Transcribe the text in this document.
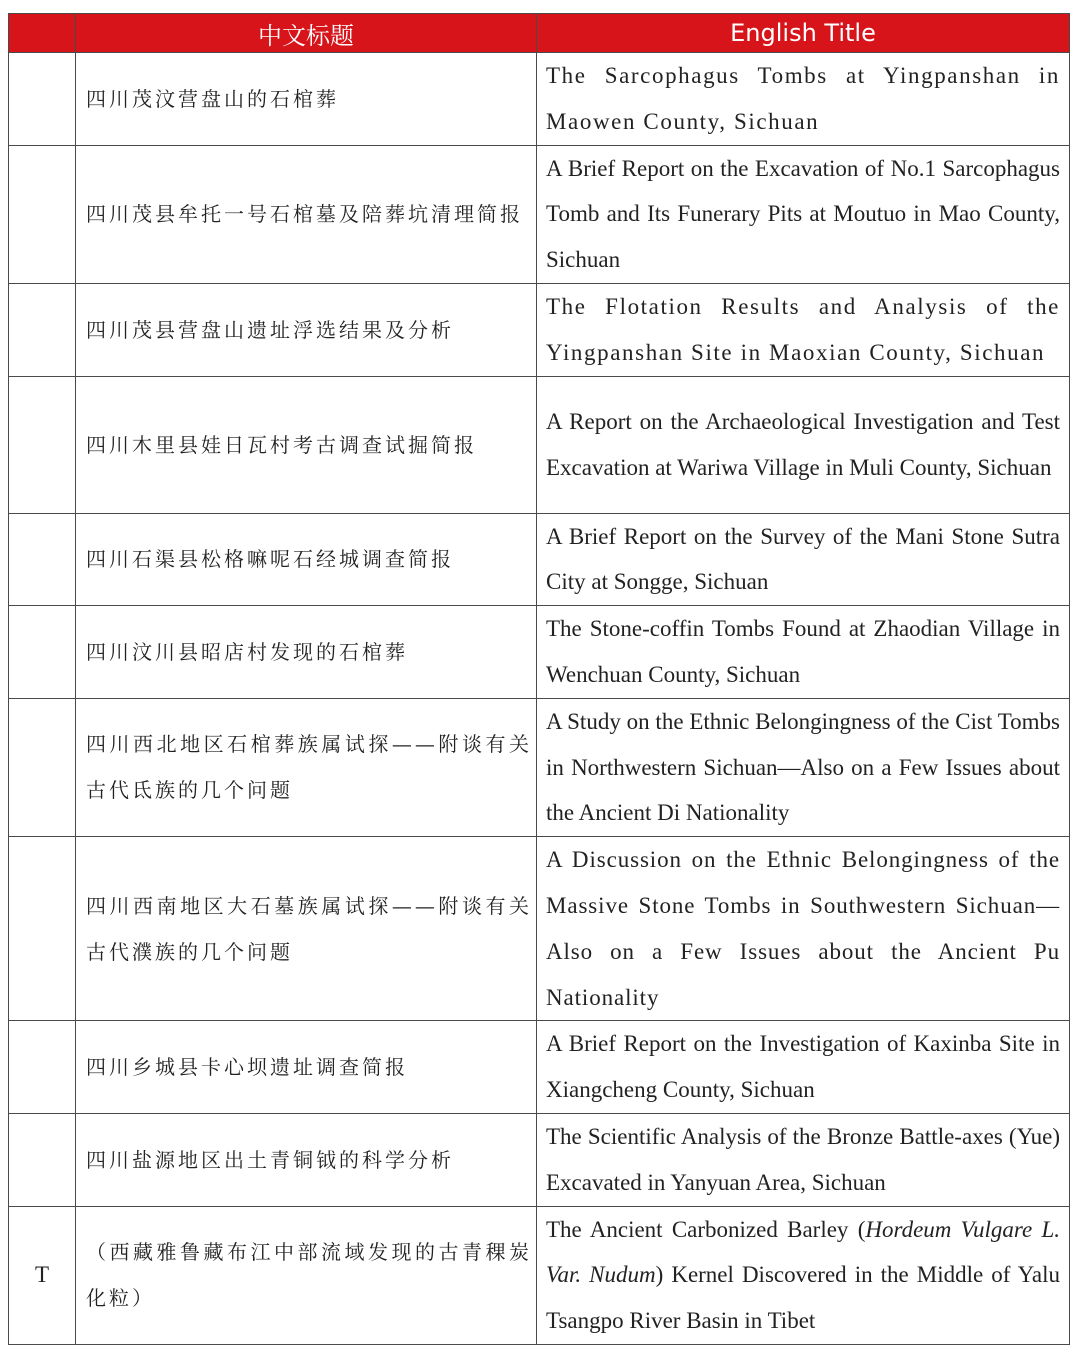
	中文标题	English Title
	四川茂汶营盘山的石棺葬	The Sarcophagus Tombs at Yingpanshan in Maowen County, Sichuan
	四川茂县牟托一号石棺墓及陪葬坑清理简报	A Brief Report on the Excavation of No.1 Sarcophagus Tomb and Its Funerary Pits at Moutuo in Mao County, Sichuan
	四川茂县营盘山遗址浮选结果及分析	The Flotation Results and Analysis of the Yingpanshan Site in Maoxian County, Sichuan
	四川木里县娃日瓦村考古调查试掘简报	A Report on the Archaeological Investigation and Test Excavation at Wariwa Village in Muli County, Sichuan
	四川石渠县松格嘛呢石经城调查简报	A Brief Report on the Survey of the Mani Stone Sutra City at Songge, Sichuan
	四川汶川县昭店村发现的石棺葬	The Stone-coffin Tombs Found at Zhaodian Village in Wenchuan County, Sichuan
	四川西北地区石棺葬族属试探——附谈有关古代氐族的几个问题	A Study on the Ethnic Belongingness of the Cist Tombs in Northwestern Sichuan—Also on a Few Issues about the Ancient Di Nationality
	四川西南地区大石墓族属试探——附谈有关古代濮族的几个问题	A Discussion on the Ethnic Belongingness of the Massive Stone Tombs in Southwestern Sichuan—Also on a Few Issues about the Ancient Pu Nationality
	四川乡城县卡心坝遗址调查简报	A Brief Report on the Investigation of Kaxinba Site in Xiangcheng County, Sichuan
	四川盐源地区出土青铜钺的科学分析	The Scientific Analysis of the Bronze Battle-axes (Yue) Excavated in Yanyuan Area, Sichuan
T	（西藏雅鲁藏布江中部流域发现的古青稞炭化粒）	The Ancient Carbonized Barley (Hordeum Vulgare L. Var. Nudum) Kernel Discovered in the Middle of Yalu Tsangpo River Basin in Tibet
